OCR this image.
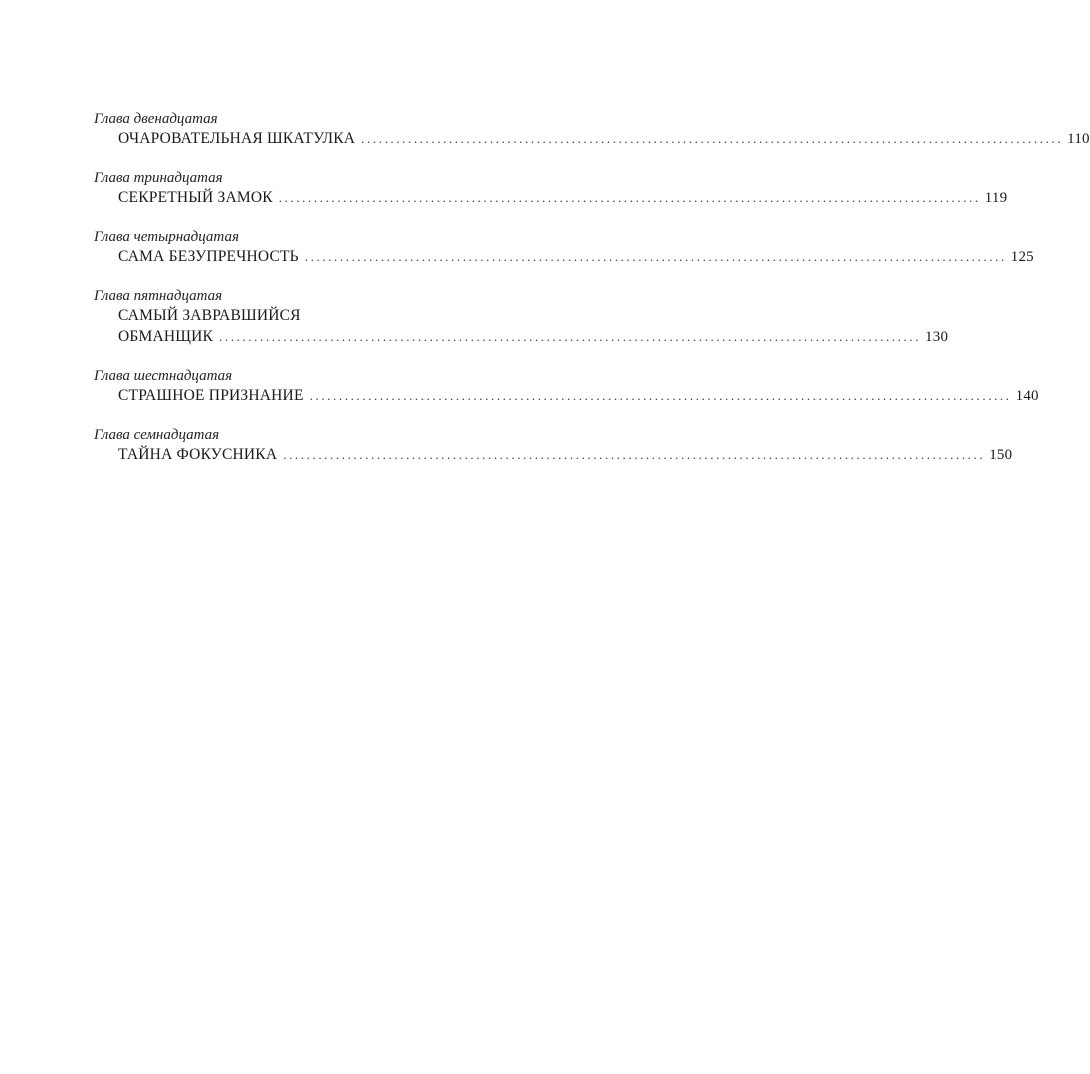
Глава двенадцатая
ОЧАРОВАТЕЛЬНАЯ ШКАТУЛКА ........................................................................................................................ 110
Глава тринадцатая
СЕКРЕТНЫЙ ЗАМОК ........................................................................................................................ 119
Глава четырнадцатая
САМА БЕЗУПРЕЧНОСТЬ ........................................................................................................................ 125
Глава пятнадцатая
САМЫЙ ЗАВРАВШИЙСЯ
ОБМАНЩИК ........................................................................................................................ 130
Глава шестнадцатая
СТРАШНОЕ ПРИЗНАНИЕ ........................................................................................................................ 140
Глава семнадцатая
ТАЙНА ФОКУСНИКА ........................................................................................................................ 150
